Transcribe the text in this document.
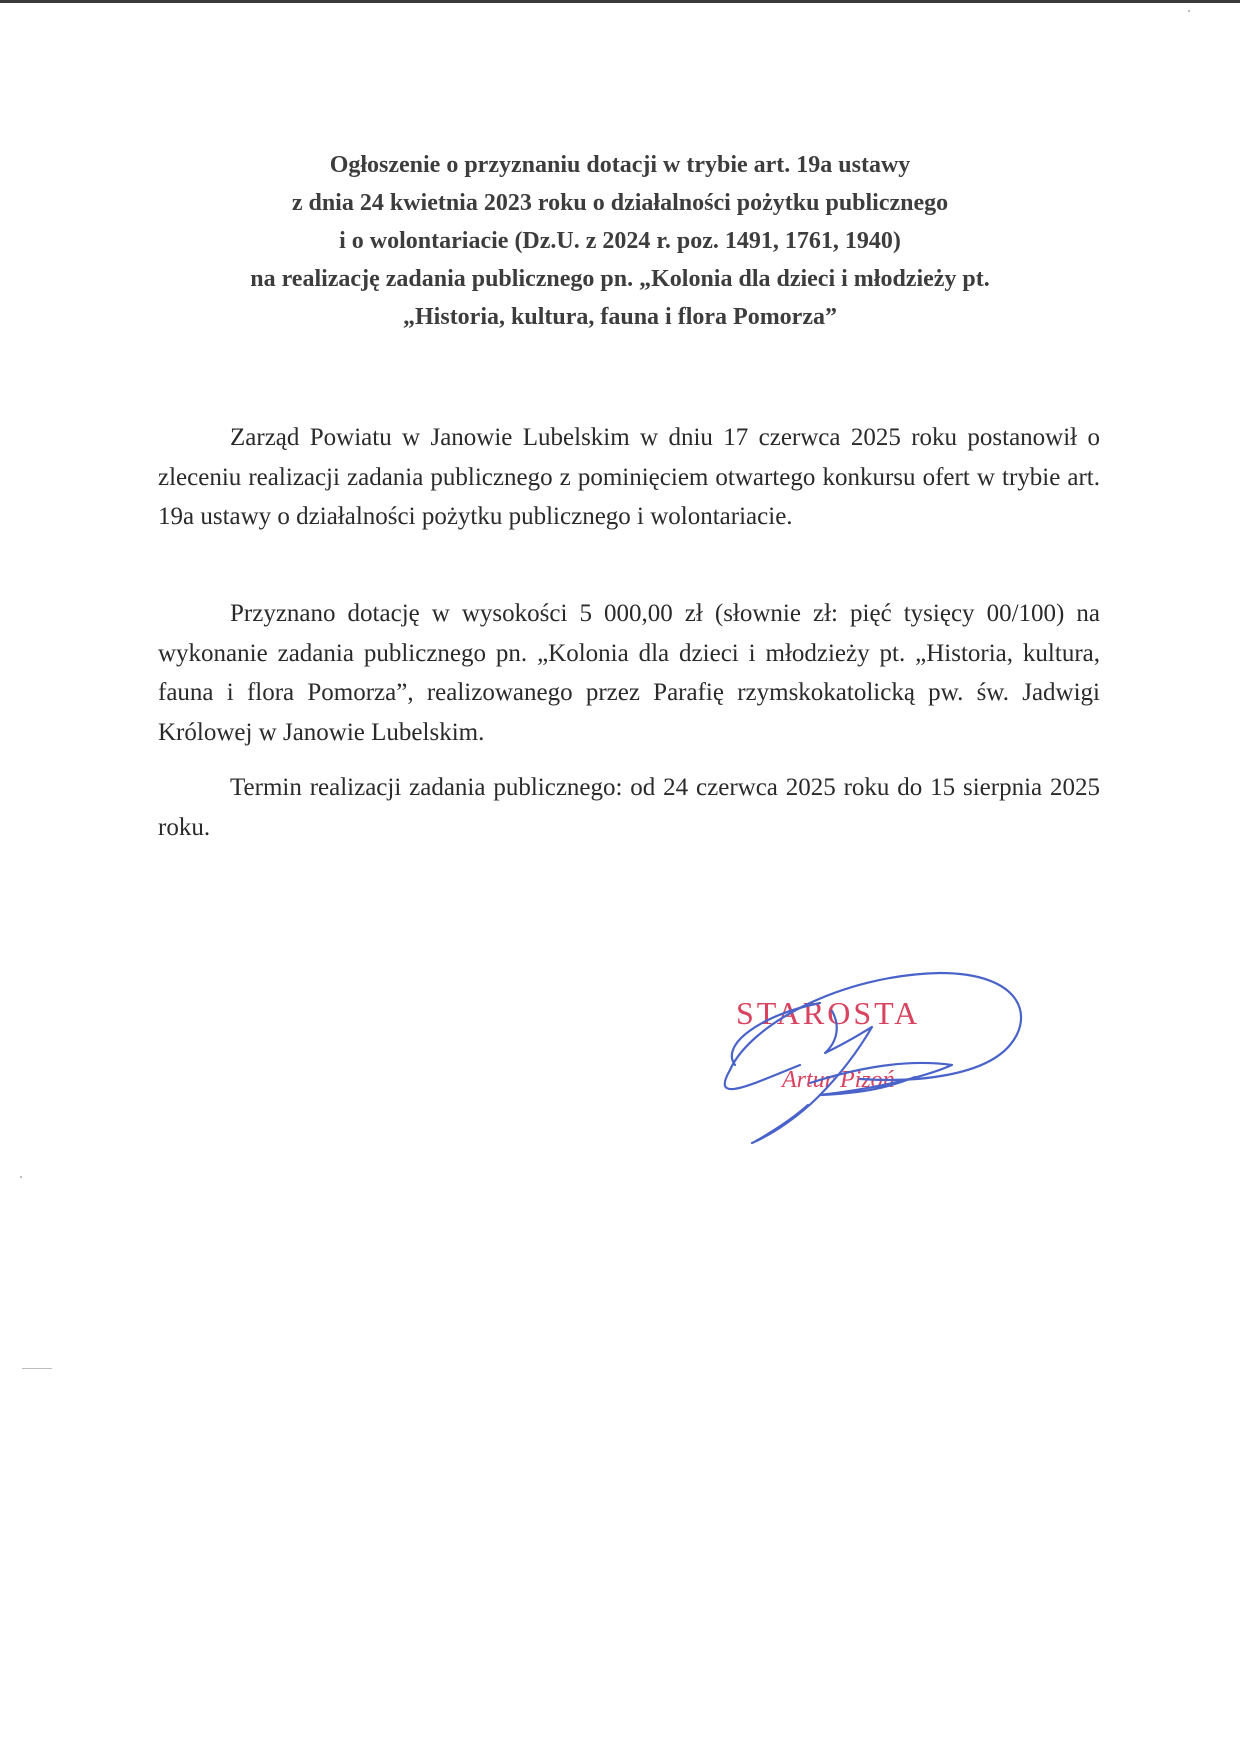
Ogłoszenie o przyznaniu dotacji w trybie art. 19a ustawy
z dnia 24 kwietnia 2023 roku o działalności pożytku publicznego
i o wolontariacie (Dz.U. z 2024 r. poz. 1491, 1761, 1940)
na realizację zadania publicznego pn. „Kolonia dla dzieci i młodzieży pt.
„Historia, kultura, fauna i flora Pomorza”

Zarząd Powiatu w Janowie Lubelskim w dniu 17 czerwca 2025 roku postanowił o zleceniu realizacji zadania publicznego z pominięciem otwartego konkursu ofert w trybie art. 19a ustawy o działalności pożytku publicznego i wolontariacie.

Przyznano dotację w wysokości 5 000,00 zł (słownie zł: pięć tysięcy 00/100) na wykonanie zadania publicznego pn. „Kolonia dla dzieci i młodzieży pt. „Historia, kultura, fauna i flora Pomorza”, realizowanego przez Parafię rzymskokatolicką pw. św. Jadwigi Królowej w Janowie Lubelskim.

Termin realizacji zadania publicznego: od 24 czerwca 2025 roku do 15 sierpnia 2025 roku.

STAROSTA
Artur Pizoń
